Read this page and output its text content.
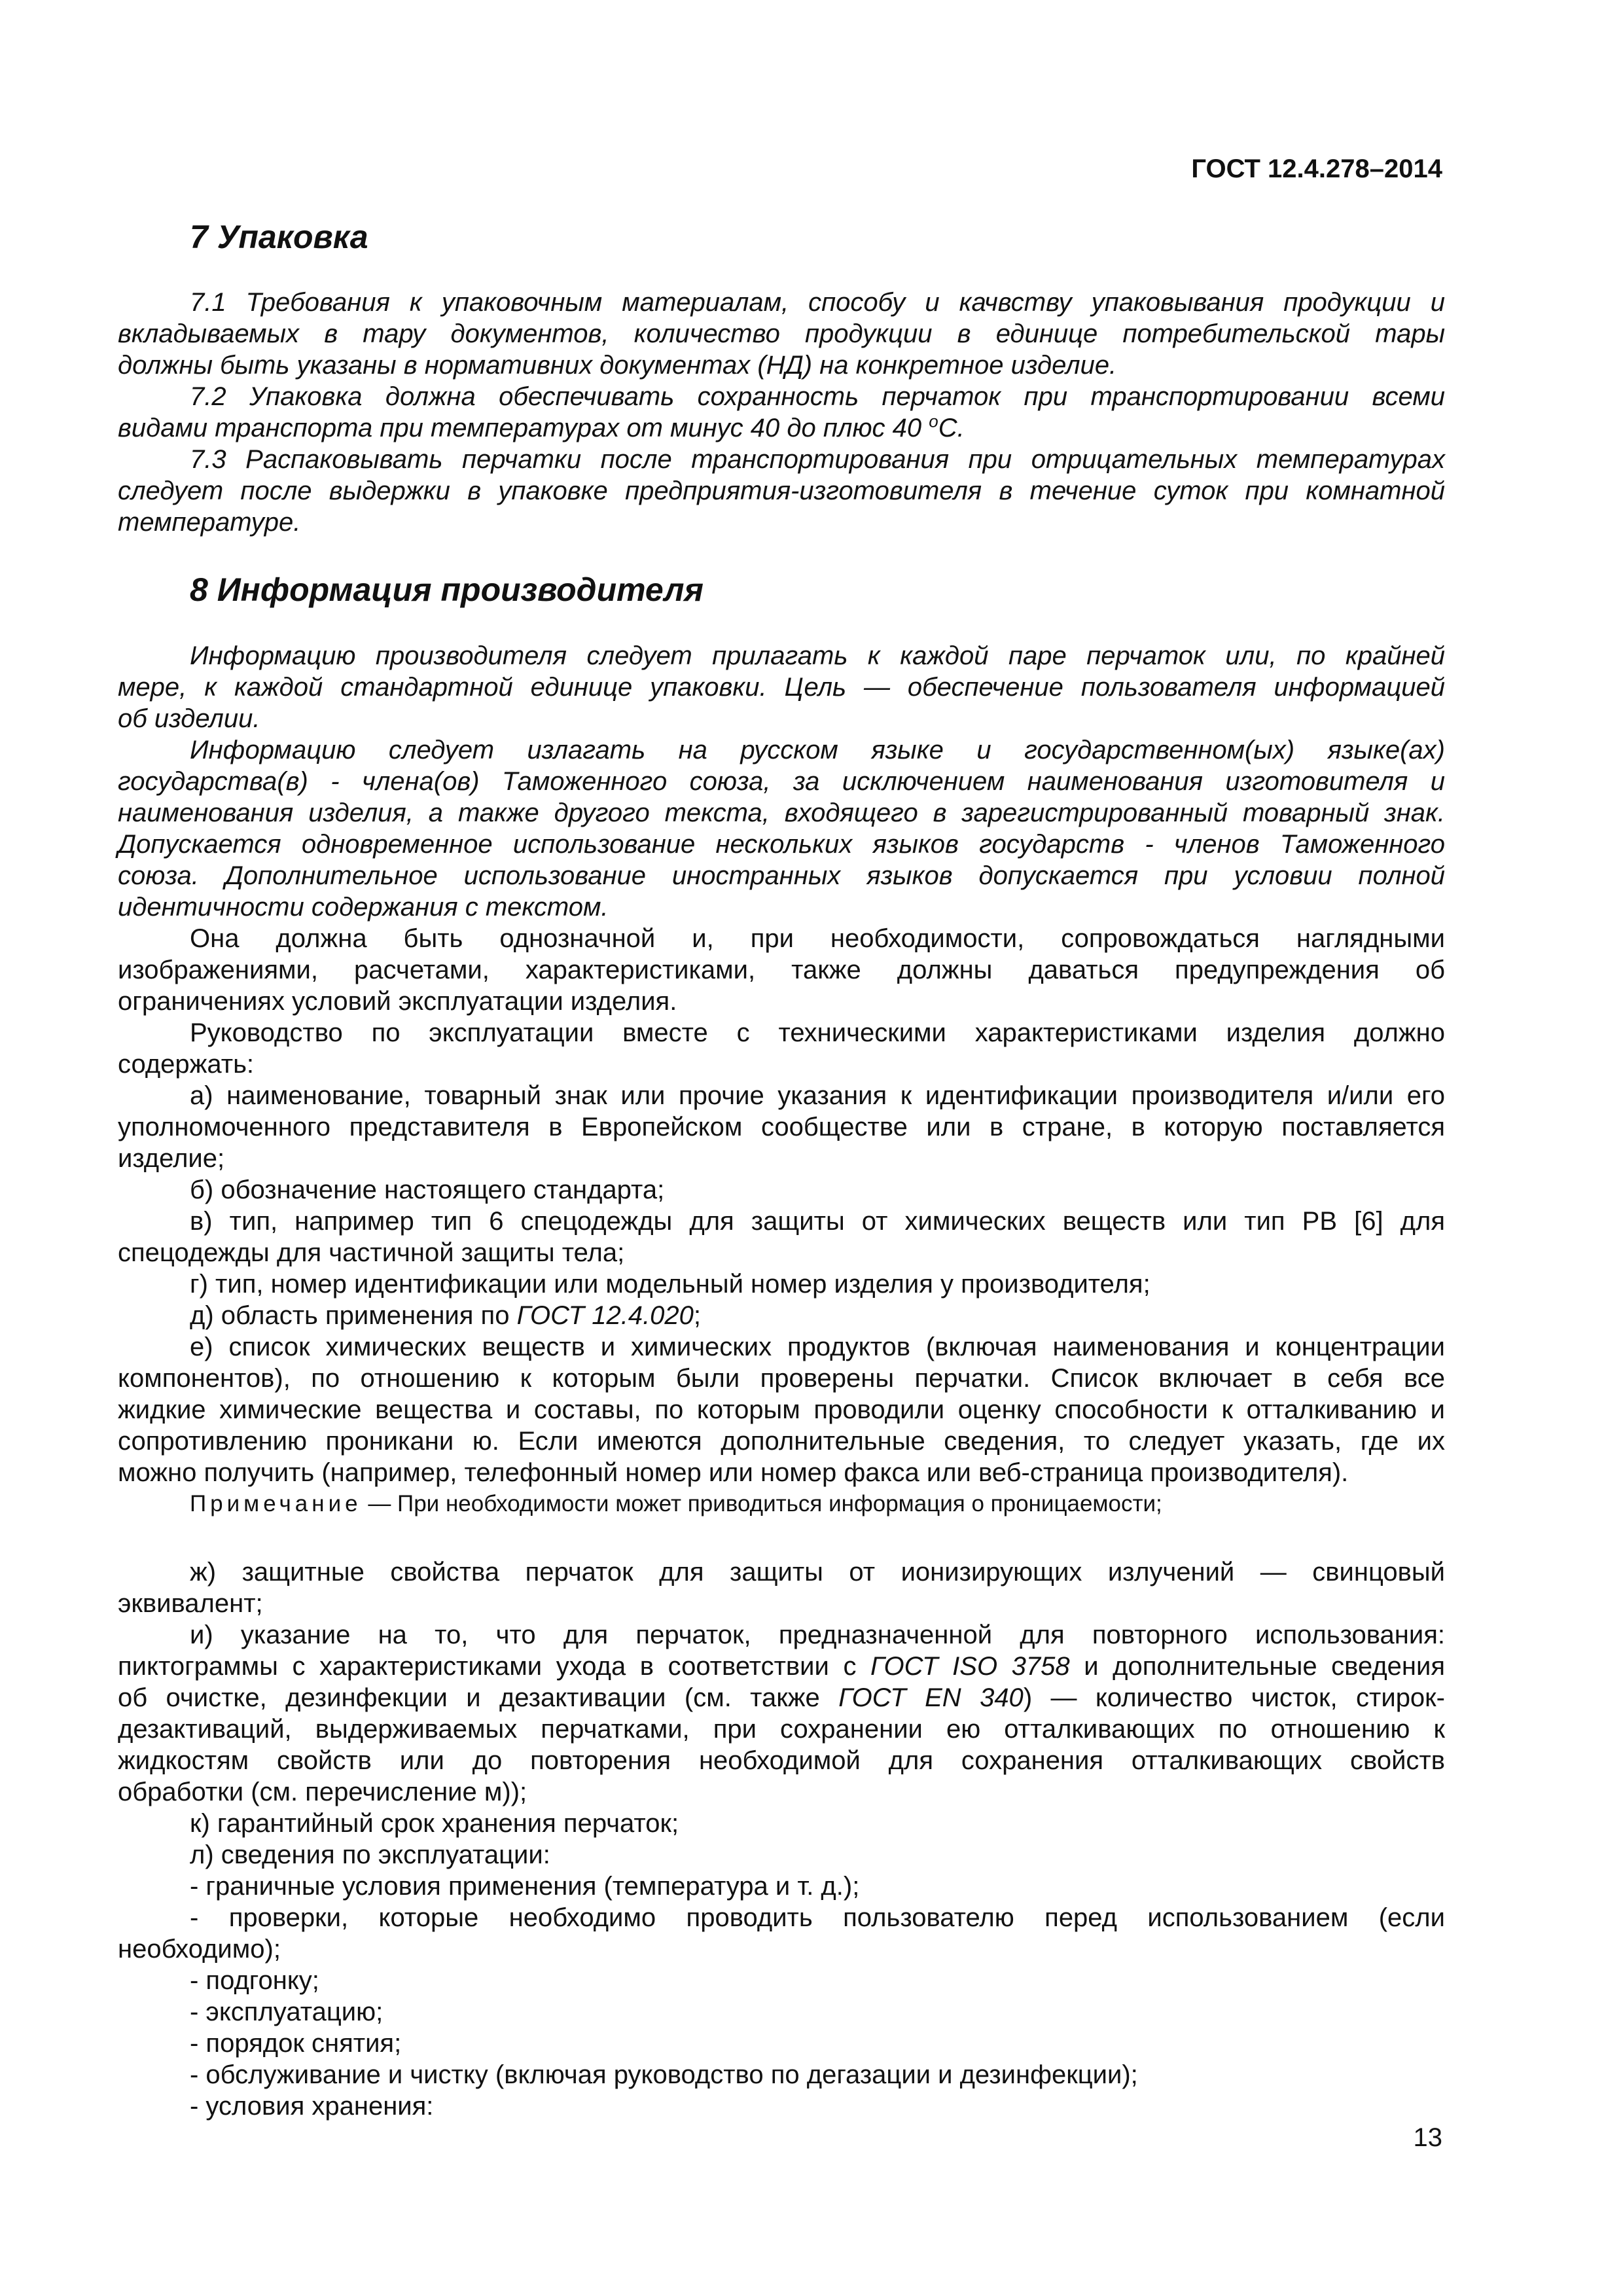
ГОСТ 12.4.278–2014
7 Упаковка
7.1 Требования к упаковочным материалам, способу и качвству упаковывания продукции и
вкладываемых в тару документов, количество продукции в единице потребительской тары
должны быть указаны в нормативних документах (НД) на конкретное изделие.
7.2 Упаковка должна обеспечивать сохранность перчаток при транспортировании всеми
видами транспорта при температурах от минус 40 до плюс 40 $^o$С.
7.3 Распаковывать перчатки после транспортирования при отрицательных температурах
следует после выдержки в упаковке предприятия-изготовителя в течение суток при комнатной
температуре.
8 Информация производителя
Информацию производителя следует прилагать к каждой паре перчаток или, по крайней
мере, к каждой стандартной единице упаковки. Цель — обеспечение пользователя информацией
об изделии.
Информацию следует излагать на русском языке и государственном(ых) языке(ах)
государства(в) - члена(ов) Таможенного союза, за исключением наименования изготовителя и
наименования изделия, а также другого текста, входящего в зарегистрированный товарный знак.
Допускается одновременное использование нескольких языков государств - членов Таможенного
союза. Дополнительное использование иностранных языков допускается при условии полной
идентичности содержания с текстом.
Она должна быть однозначной и, при необходимости, сопровождаться наглядными
изображениями, расчетами, характеристиками, также должны даваться предупреждения об
ограничениях условий эксплуатации изделия.
Руководство по эксплуатации вместе с техническими характеристиками изделия должно
содержать:
а) наименование, товарный знак или прочие указания к идентификации производителя и/или его
уполномоченного представителя в Европейском сообществе или в стране, в которую поставляется
изделие;
б) обозначение настоящего стандарта;
в) тип, например тип 6 спецодежды для защиты от химических веществ или тип РВ [6] для
спецодежды для частичной защиты тела;
г) тип, номер идентификации или модельный номер изделия у производителя;
д) область применения по ГОСТ 12.4.020;
е) список химических веществ и химических продуктов (включая наименования и концентрации
компонентов), по отношению к которым были проверены перчатки. Список включает в себя все
жидкие химические вещества и составы, по которым проводили оценку способности к отталкиванию и
сопротивлению проникани ю. Если имеются дополнительные сведения, то следует указать, где их
можно получить (например, телефонный номер или номер факса или веб-страница производителя).
Примечание — При необходимости может приводиться информация о проницаемости;
ж) защитные свойства перчаток для защиты от ионизирующих излучений — свинцовый
эквивалент;
и) указание на то, что для перчаток, предназначенной для повторного использования:
пиктограммы с характеристиками ухода в соответствии с ГОСТ ISO 3758 и дополнительные сведения
об очистке, дезинфекции и дезактивации (см. также ГОСТ EN 340) — количество чисток, стирок-
дезактиваций, выдерживаемых перчатками, при сохранении ею отталкивающих по отношению к
жидкостям свойств или до повторения необходимой для сохранения отталкивающих свойств
обработки (см. перечисление м));
к) гарантийный срок хранения перчаток;
л) сведения по эксплуатации:
- граничные условия применения (температура и т. д.);
- проверки, которые необходимо проводить пользователю перед использованием (если
необходимо);
- подгонку;
- эксплуатацию;
- порядок снятия;
- обслуживание и чистку (включая руководство по дегазации и дезинфекции);
- условия хранения:
13
